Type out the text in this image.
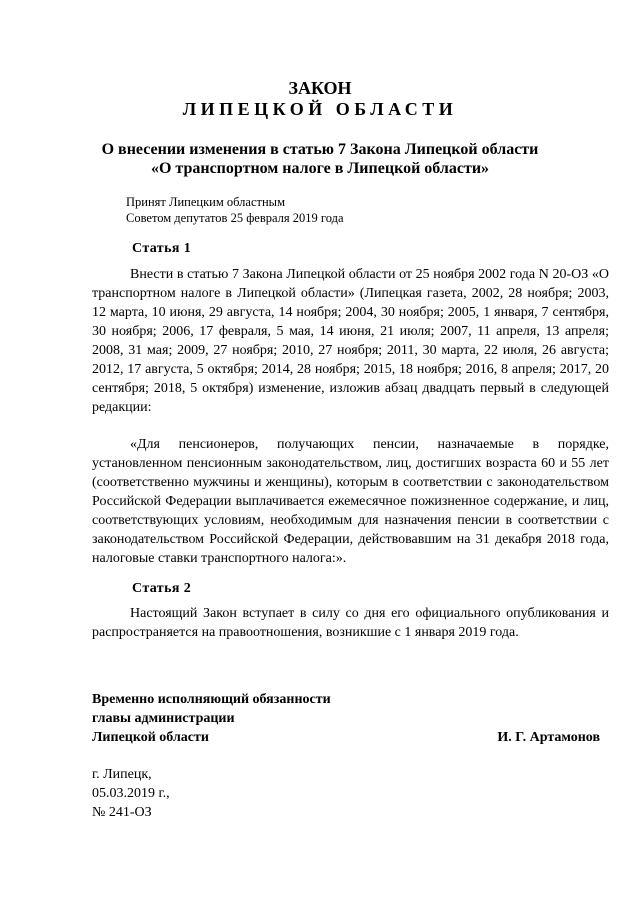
ЗАКОН
ЛИПЕЦКОЙ ОБЛАСТИ
О внесении изменения в статью 7 Закона Липецкой области
«О транспортном налоге в Липецкой области»
Принят Липецким областным
Советом депутатов 25 февраля 2019 года
Статья 1
Внести в статью 7 Закона Липецкой области от 25 ноября 2002 года N 20-ОЗ «О транспортном налоге в Липецкой области» (Липецкая газета, 2002, 28 ноября; 2003, 12 марта, 10 июня, 29 августа, 14 ноября; 2004, 30 ноября; 2005, 1 января, 7 сентября, 30 ноября; 2006, 17 февраля, 5 мая, 14 июня, 21 июля; 2007, 11 апреля, 13 апреля; 2008, 31 мая; 2009, 27 ноября; 2010, 27 ноября; 2011, 30 марта, 22 июля, 26 августа; 2012, 17 августа, 5 октября; 2014, 28 ноября; 2015, 18 ноября; 2016, 8 апреля; 2017, 20 сентября; 2018, 5 октября) изменение, изложив абзац двадцать первый в следующей редакции:
«Для пенсионеров, получающих пенсии, назначаемые в порядке, установленном пенсионным законодательством, лиц, достигших возраста 60 и 55 лет (соответственно мужчины и женщины), которым в соответствии с законодательством Российской Федерации выплачивается ежемесячное пожизненное содержание, и лиц, соответствующих условиям, необходимым для назначения пенсии в соответствии с законодательством Российской Федерации, действовавшим на 31 декабря 2018 года, налоговые ставки транспортного налога:».
Статья 2
Настоящий Закон вступает в силу со дня его официального опубликования и распространяется на правоотношения, возникшие с 1 января 2019 года.
Временно исполняющий обязанности
главы администрации
Липецкой области	И. Г. Артамонов
г. Липецк,
05.03.2019 г.,
№ 241-ОЗ
